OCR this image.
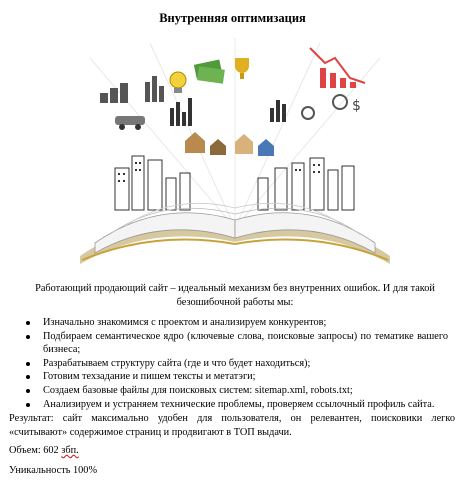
Внутренняя оптимизация
$
Работающий продающий сайт – идеальный механизм без внутренних ошибок. И для такой безошибочной работы мы:
Изначально знакомимся с проектом и анализируем конкурентов;
Подбираем семантическое ядро (ключевые слова, поисковые запросы) по тематике вашего бизнеса;
Разрабатываем структуру сайта (где и что будет находиться);
Готовим техзадание и пишем тексты и метатэги;
Создаем базовые файлы для поисковых систем: sitemap.xml, robots.txt;
Анализируем и устраняем технические проблемы, проверяем ссылочный профиль сайта.
Результат: сайт максимально удобен для пользователя, он релевантен, поисковики легко «считывают» содержимое страниц и продвигают в ТОП выдачи.
Объем: 602 збп.
Уникальность 100%
